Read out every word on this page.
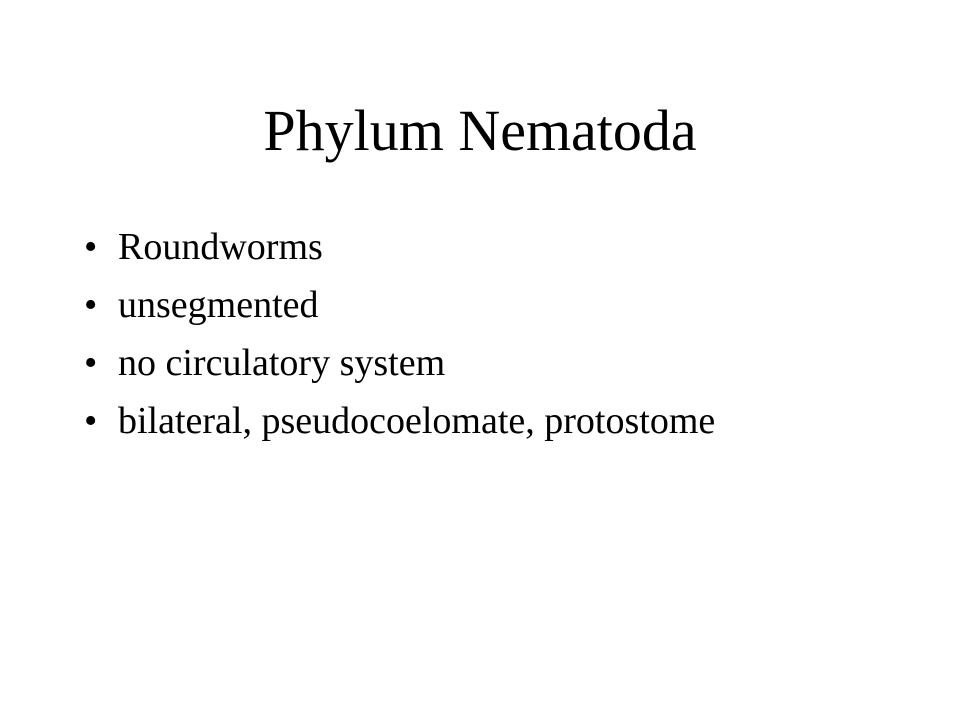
Phylum Nematoda
• Roundworms
• unsegmented
• no circulatory system
• bilateral, pseudocoelomate, protostome
